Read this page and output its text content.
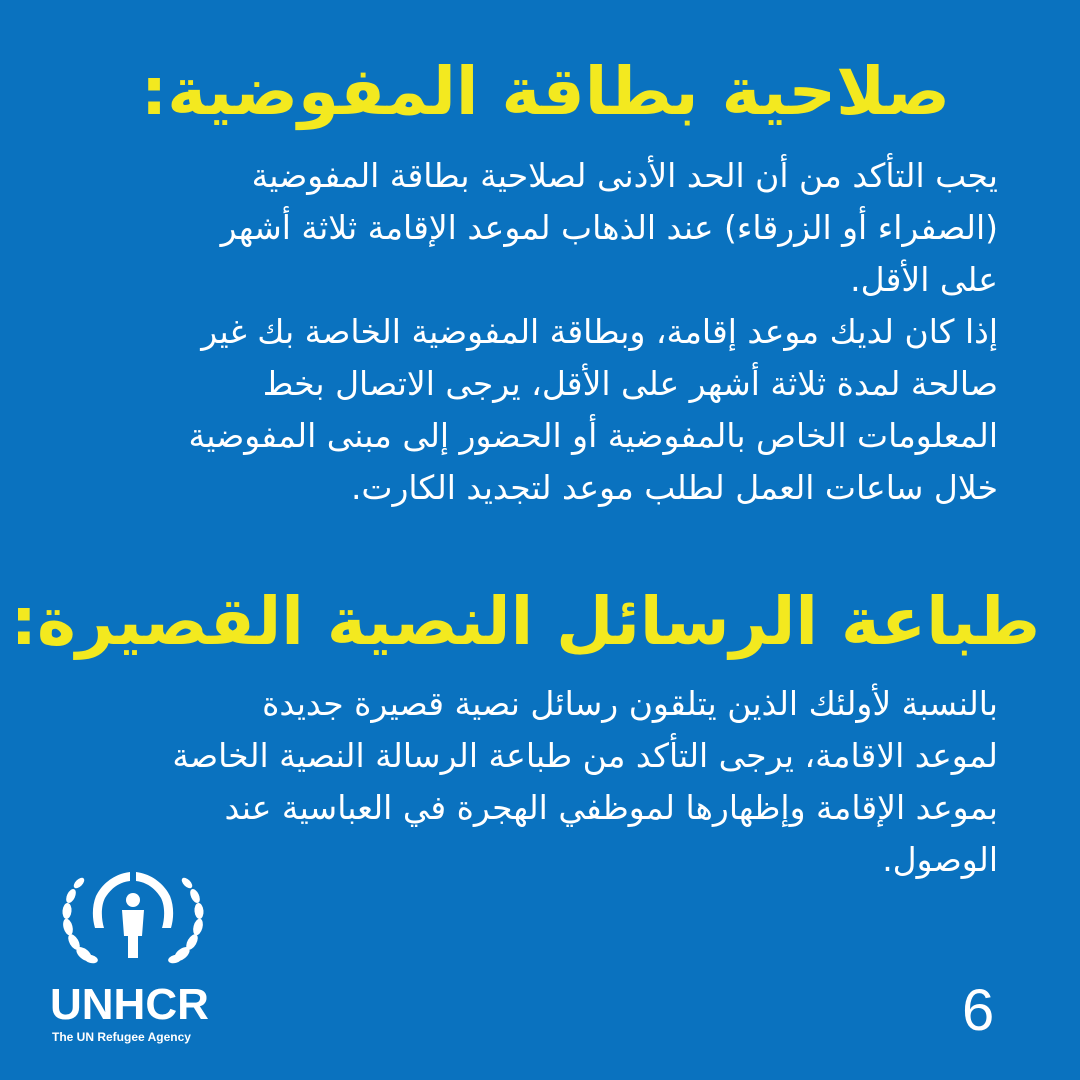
صلاحية بطاقة المفوضية:

يجب التأكد من أن الحد الأدنى لصلاحية بطاقة المفوضية
(الصفراء أو الزرقاء) عند الذهاب لموعد الإقامة ثلاثة أشهر
على الأقل.
إذا كان لديك موعد إقامة، وبطاقة المفوضية الخاصة بك غير
صالحة لمدة ثلاثة أشهر على الأقل، يرجى الاتصال بخط
المعلومات الخاص بالمفوضية أو الحضور إلى مبنى المفوضية
خلال ساعات العمل لطلب موعد لتجديد الكارت.

طباعة الرسائل النصية القصيرة:

بالنسبة لأولئك الذين يتلقون رسائل نصية قصيرة جديدة
لموعد الاقامة، يرجى التأكد من طباعة الرسالة النصية الخاصة
بموعد الإقامة وإظهارها لموظفي الهجرة في العباسية عند
الوصول.

UNHCR
The UN Refugee Agency	6
